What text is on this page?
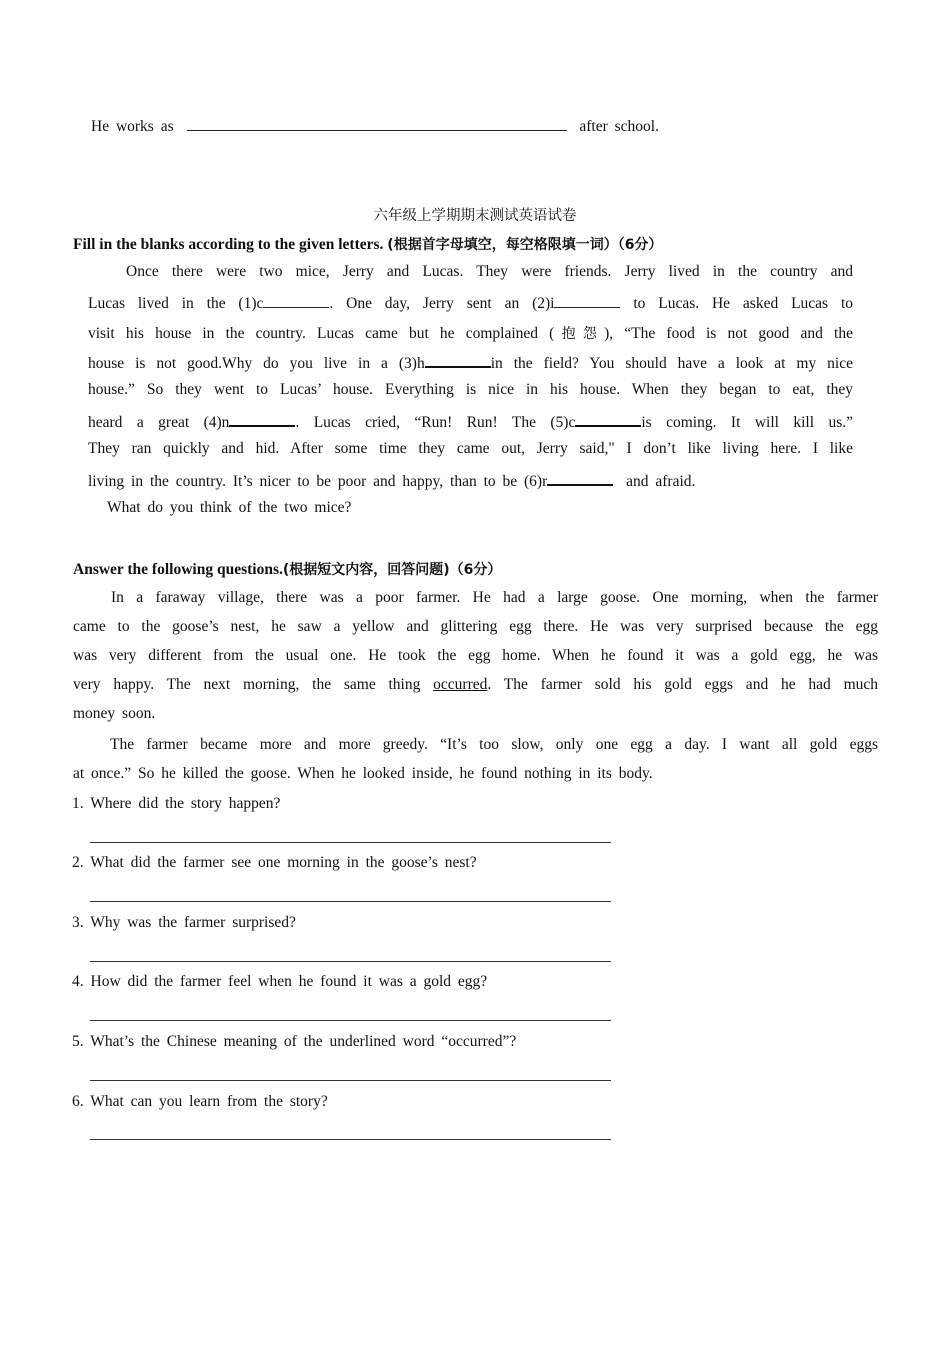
He works as	after school.
六年级上学期期末测试英语试卷
Fill in the blanks according to the given letters. (根据首字母填空，每空格限填一词）（6分）
Once there were two mice, Jerry and Lucas. They were friends. Jerry lived in the country and
Lucas lived in the (1)c	. One day, Jerry sent an (2)i	to Lucas. He asked Lucas to
visit his house in the country. Lucas came but he complained (抱怨), “The food is not good and the
house is not good.Why do you live in a (3)h	in the field? You should have a look at my nice
house.” So they went to Lucas’ house. Everything is nice in his house. When they began to eat, they
heard a great (4)n	. Lucas cried, “Run! Run! The (5)c	is coming. It will kill us.”
They ran quickly and hid. After some time they came out, Jerry said," I don’t like living here. I like
living in the country. It’s nicer to be poor and happy, than to be (6)r	and afraid.
What do you think of the two mice?
Answer the following questions.(根据短文内容，回答问题)（6分）
In a faraway village, there was a poor farmer. He had a large goose. One morning, when the farmer
came to the goose’s nest, he saw a yellow and glittering egg there. He was very surprised because the egg
was very different from the usual one. He took the egg home. When he found it was a gold egg, he was
very happy. The next morning, the same thing occurred. The farmer sold his gold eggs and he had much
money soon.
The farmer became more and more greedy. “It’s too slow, only one egg a day. I want all gold eggs
at once.” So he killed the goose. When he looked inside, he found nothing in its body.
1. Where did the story happen?
2. What did the farmer see one morning in the goose’s nest?
3. Why was the farmer surprised?
4. How did the farmer feel when he found it was a gold egg?
5. What’s the Chinese meaning of the underlined word “occurred”?
6. What can you learn from the story?
